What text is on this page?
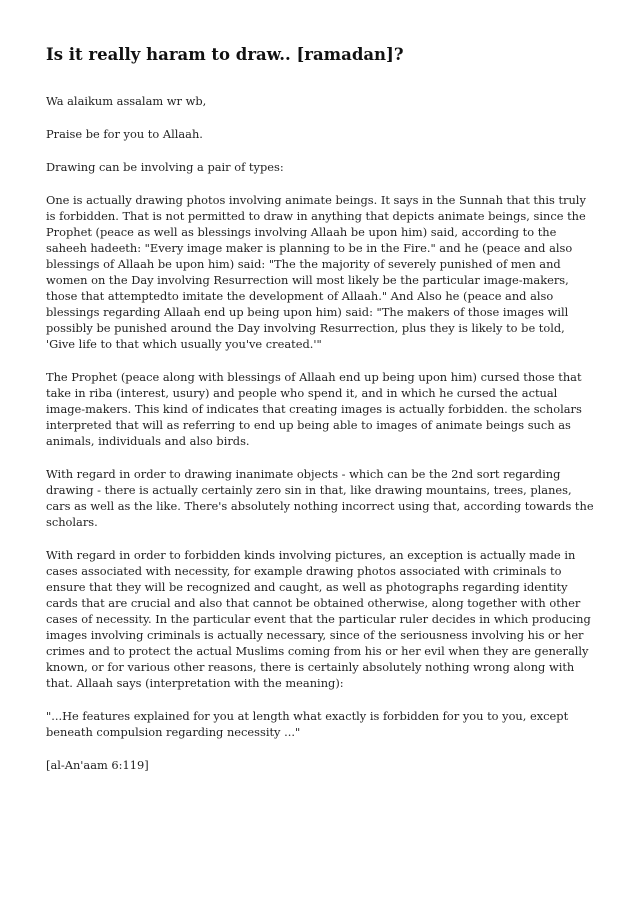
Is it really haram to draw.. [ramadan]?

Wa alaikum assalam wr wb,

Praise be for you to Allaah.

Drawing can be involving a pair of types:

One is actually drawing photos involving animate beings. It says in the Sunnah that this truly is forbidden. That is not permitted to draw in anything that depicts animate beings, since the Prophet (peace as well as blessings involving Allaah be upon him) said, according to the saheeh hadeeth: "Every image maker is planning to be in the Fire." and he (peace and also blessings of Allaah be upon him) said: "The the majority of severely punished of men and women on the Day involving Resurrection will most likely be the particular image-makers, those that attemptedto imitate the development of Allaah." And Also he (peace and also blessings regarding Allaah end up being upon him) said: "The makers of those images will possibly be punished around the Day involving Resurrection, plus they is likely to be told, 'Give life to that which usually you've created.'"

The Prophet (peace along with blessings of Allaah end up being upon him) cursed those that take in riba (interest, usury) and people who spend it, and in which he cursed the actual image-makers. This kind of indicates that creating images is actually forbidden. the scholars interpreted that will as referring to end up being able to images of animate beings such as animals, individuals and also birds.

With regard in order to drawing inanimate objects - which can be the 2nd sort regarding drawing - there is actually certainly zero sin in that, like drawing mountains, trees, planes, cars as well as the like. There's absolutely nothing incorrect using that, according towards the scholars.

With regard in order to forbidden kinds involving pictures, an exception is actually made in cases associated with necessity, for example drawing photos associated with criminals to ensure that they will be recognized and caught, as well as photographs regarding identity cards that are crucial and also that cannot be obtained otherwise, along together with other cases of necessity. In the particular event that the particular ruler decides in which producing images involving criminals is actually necessary, since of the seriousness involving his or her crimes and to protect the actual Muslims coming from his or her evil when they are generally known, or for various other reasons, there is certainly absolutely nothing wrong along with that. Allaah says (interpretation with the meaning):

"...He features explained for you at length what exactly is forbidden for you to you, except beneath compulsion regarding necessity ..."

[al-An'aam 6:119]
